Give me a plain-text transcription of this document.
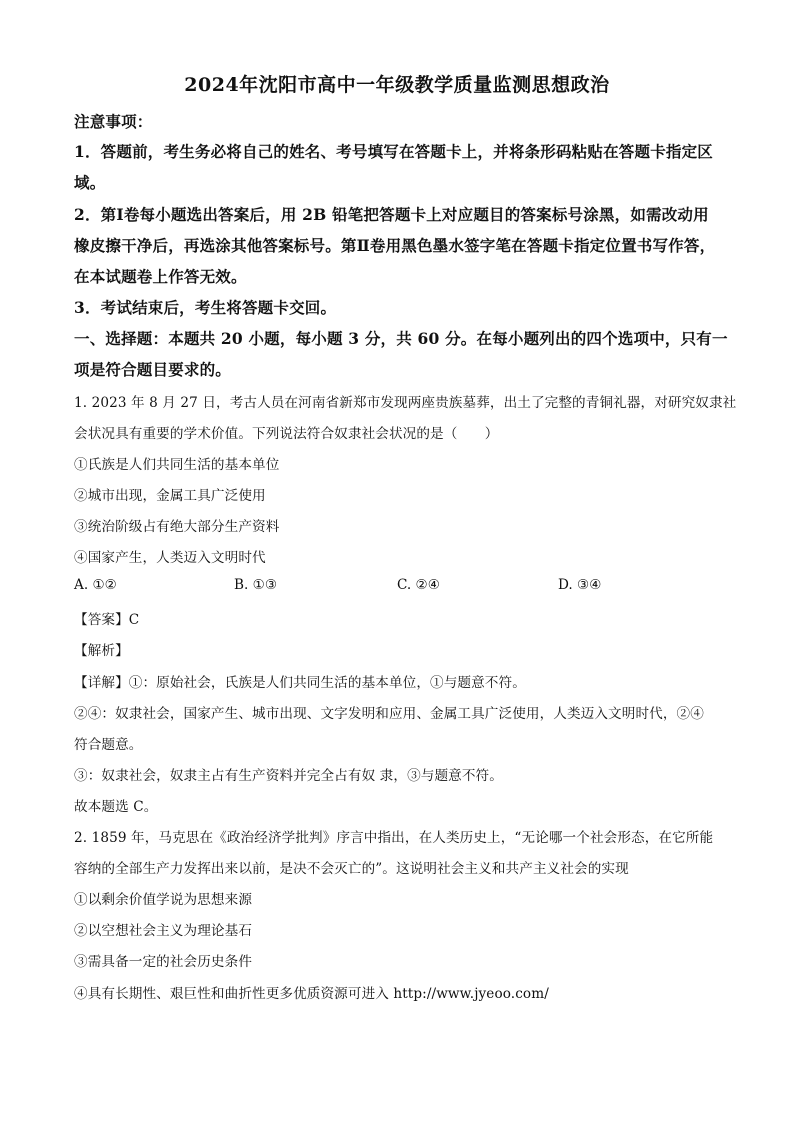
2024年沈阳市高中一年级教学质量监测思想政治
注意事项：
1．答题前，考生务必将自己的姓名、考号填写在答题卡上，并将条形码粘贴在答题卡指定区
域。
2．第Ⅰ卷每小题选出答案后，用 2B 铅笔把答题卡上对应题目的答案标号涂黑，如需改动用
橡皮擦干净后，再选涂其他答案标号。第Ⅱ卷用黑色墨水签字笔在答题卡指定位置书写作答，
在本试题卷上作答无效。
3．考试结束后，考生将答题卡交回。
一、选择题：本题共 20 小题，每小题 3 分，共 60 分。在每小题列出的四个选项中，只有一
项是符合题目要求的。
1. 2023 年 8 月 27 日，考古人员在河南省新郑市发现两座贵族墓葬，出土了完整的青铜礼器，对研究奴隶社
会状况具有重要的学术价值。下列说法符合奴隶社会状况的是（　　）
①氏族是人们共同生活的基本单位
②城市出现，金属工具广泛使用
③统治阶级占有绝大部分生产资料
④国家产生，人类迈入文明时代
A. ①②	B. ①③	C. ②④	D. ③④
【答案】C
【解析】
【详解】①：原始社会，氏族是人们共同生活的基本单位，①与题意不符。
②④：奴隶社会，国家产生、城市出现、文字发明和应用、金属工具广泛使用，人类迈入文明时代，②④
符合题意。
③：奴隶社会，奴隶主占有生产资料并完全占有奴 隶，③与题意不符。
故本题选 C。
2. 1859 年，马克思在《政治经济学批判》序言中指出，在人类历史上，“无论哪一个社会形态，在它所能
容纳的全部生产力发挥出来以前，是决不会灭亡的”。这说明社会主义和共产主义社会的实现
①以剩余价值学说为思想来源
②以空想社会主义为理论基石
③需具备一定的社会历史条件
④具有长期性、艰巨性和曲折性更多优质资源可进入 http://www.jyeoo.com/
